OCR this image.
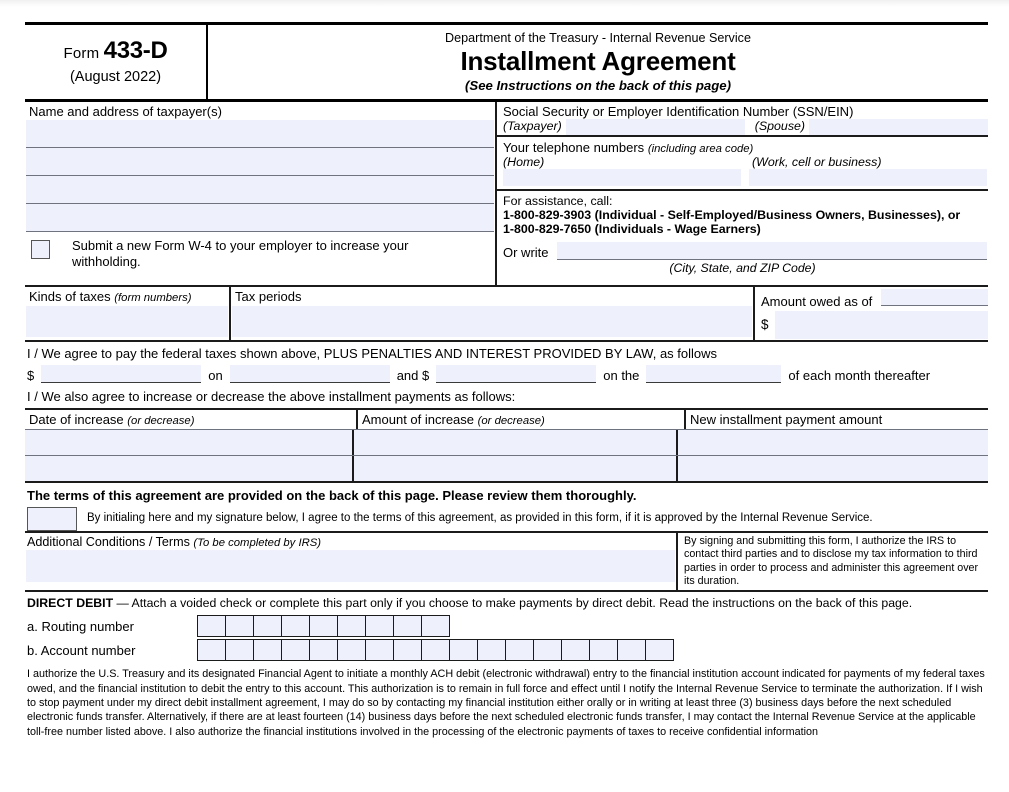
Form 433-D
(August 2022)
Department of the Treasury - Internal Revenue Service
Installment Agreement
(See Instructions on the back of this page)
Name and address of taxpayer(s)
Submit a new Form W-4 to your employer to increase your withholding.
Social Security or Employer Identification Number (SSN/EIN)
(Taxpayer)	(Spouse)
Your telephone numbers (including area code)
(Home)	(Work, cell or business)
For assistance, call:
1-800-829-3903 (Individual - Self-Employed/Business Owners, Businesses), or
1-800-829-7650 (Individuals - Wage Earners)
Or write
(City, State, and ZIP Code)
Kinds of taxes (form numbers)	Tax periods	Amount owed as of
$
I / We agree to pay the federal taxes shown above, PLUS PENALTIES AND INTEREST PROVIDED BY LAW, as follows
$	on	and $	on the	of each month thereafter
I / We also agree to increase or decrease the above installment payments as follows:
Date of increase (or decrease)	Amount of increase (or decrease)	New installment payment amount
The terms of this agreement are provided on the back of this page. Please review them thoroughly.
By initialing here and my signature below, I agree to the terms of this agreement, as provided in this form, if it is approved by the Internal Revenue Service.
Additional Conditions / Terms (To be completed by IRS)	By signing and submitting this form, I authorize the IRS to contact third parties and to disclose my tax information to third parties in order to process and administer this agreement over its duration.
DIRECT DEBIT — Attach a voided check or complete this part only if you choose to make payments by direct debit. Read the instructions on the back of this page.
a. Routing number
b. Account number
I authorize the U.S. Treasury and its designated Financial Agent to initiate a monthly ACH debit (electronic withdrawal) entry to the financial institution account indicated for payments of my federal taxes owed, and the financial institution to debit the entry to this account. This authorization is to remain in full force and effect until I notify the Internal Revenue Service to terminate the authorization. If I wish to stop payment under my direct debit installment agreement, I may do so by contacting my financial institution either orally or in writing at least three (3) business days before the next scheduled electronic funds transfer. Alternatively, if there are at least fourteen (14) business days before the next scheduled electronic funds transfer, I may contact the Internal Revenue Service at the applicable toll-free number listed above. I also authorize the financial institutions involved in the processing of the electronic payments of taxes to receive confidential information
